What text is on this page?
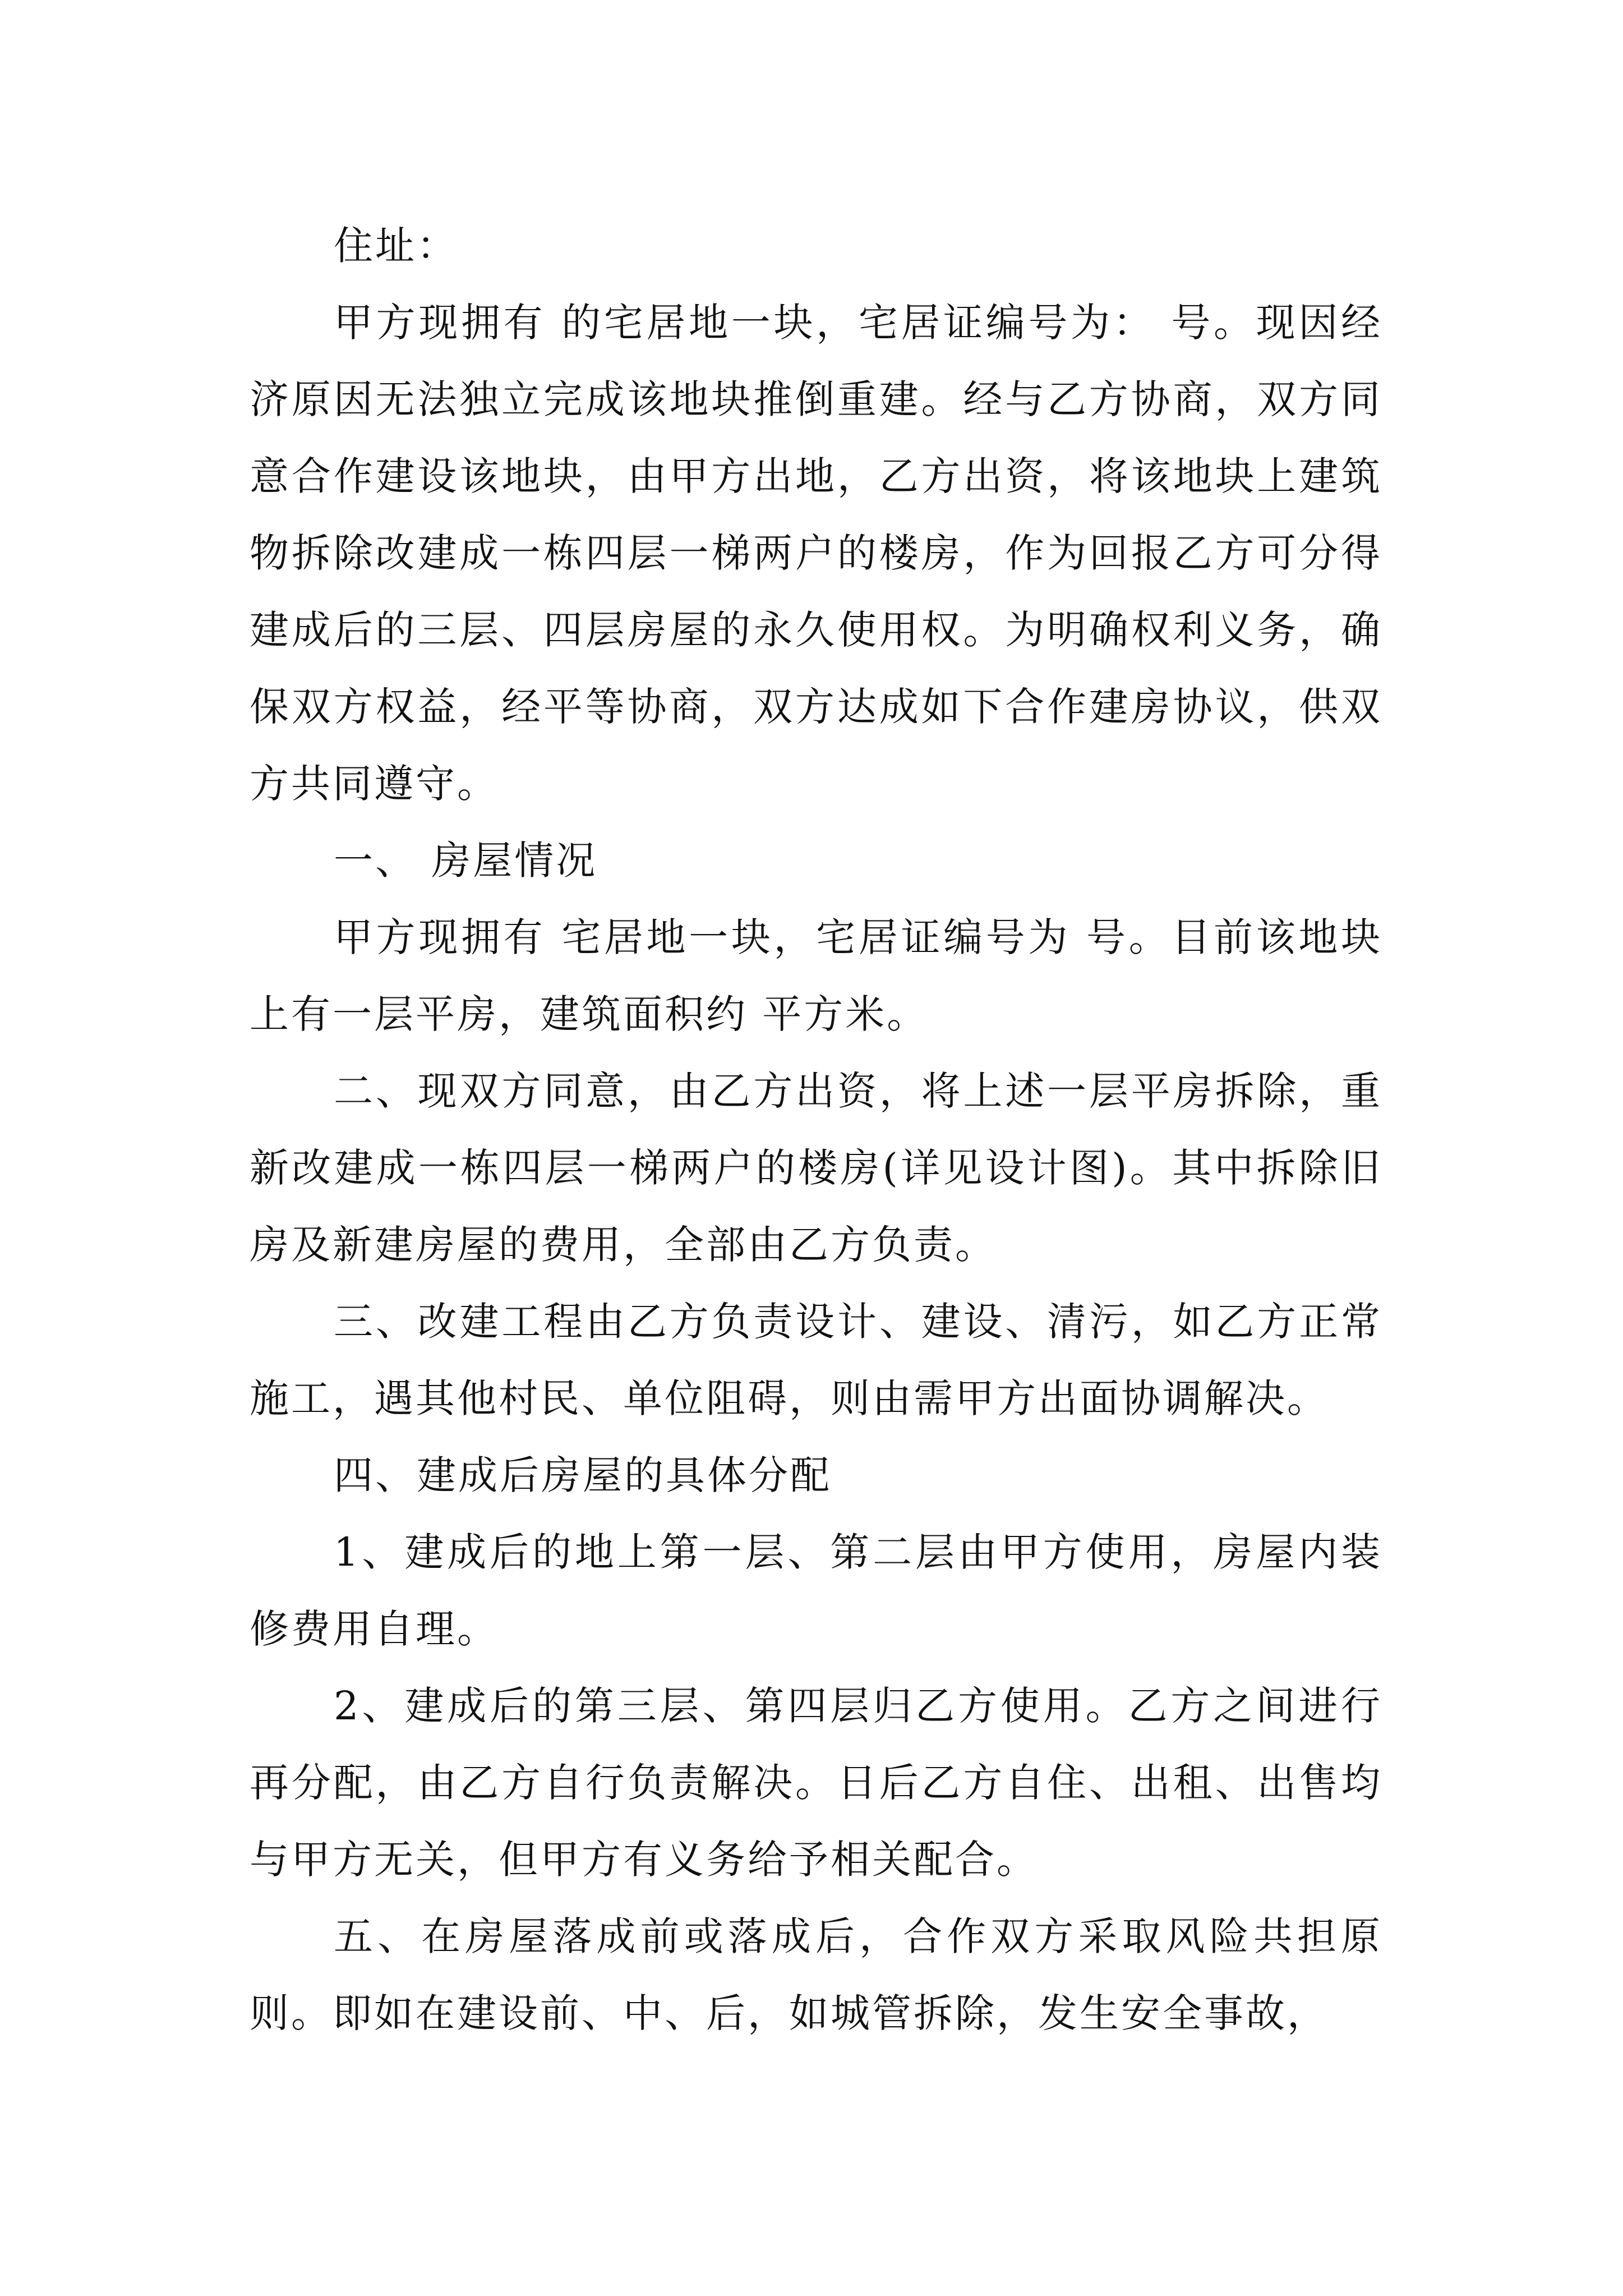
住址：

甲方现拥有 的宅居地一块，宅居证编号为： 号。现因经济原因无法独立完成该地块推倒重建。经与乙方协商，双方同意合作建设该地块，由甲方出地，乙方出资，将该地块上建筑物拆除改建成一栋四层一梯两户的楼房，作为回报乙方可分得建成后的三层、四层房屋的永久使用权。为明确权利义务，确保双方权益，经平等协商，双方达成如下合作建房协议，供双方共同遵守。

一、 房屋情况

甲方现拥有 宅居地一块，宅居证编号为 号。目前该地块上有一层平房，建筑面积约 平方米。

二、现双方同意，由乙方出资，将上述一层平房拆除，重新改建成一栋四层一梯两户的楼房(详见设计图)。其中拆除旧房及新建房屋的费用，全部由乙方负责。

三、改建工程由乙方负责设计、建设、清污，如乙方正常施工，遇其他村民、单位阻碍，则由需甲方出面协调解决。

四、建成后房屋的具体分配

1、建成后的地上第一层、第二层由甲方使用，房屋内装修费用自理。

2、建成后的第三层、第四层归乙方使用。乙方之间进行再分配，由乙方自行负责解决。日后乙方自住、出租、出售均与甲方无关，但甲方有义务给予相关配合。

五、在房屋落成前或落成后，合作双方采取风险共担原则。即如在建设前、中、后，如城管拆除，发生安全事故，
